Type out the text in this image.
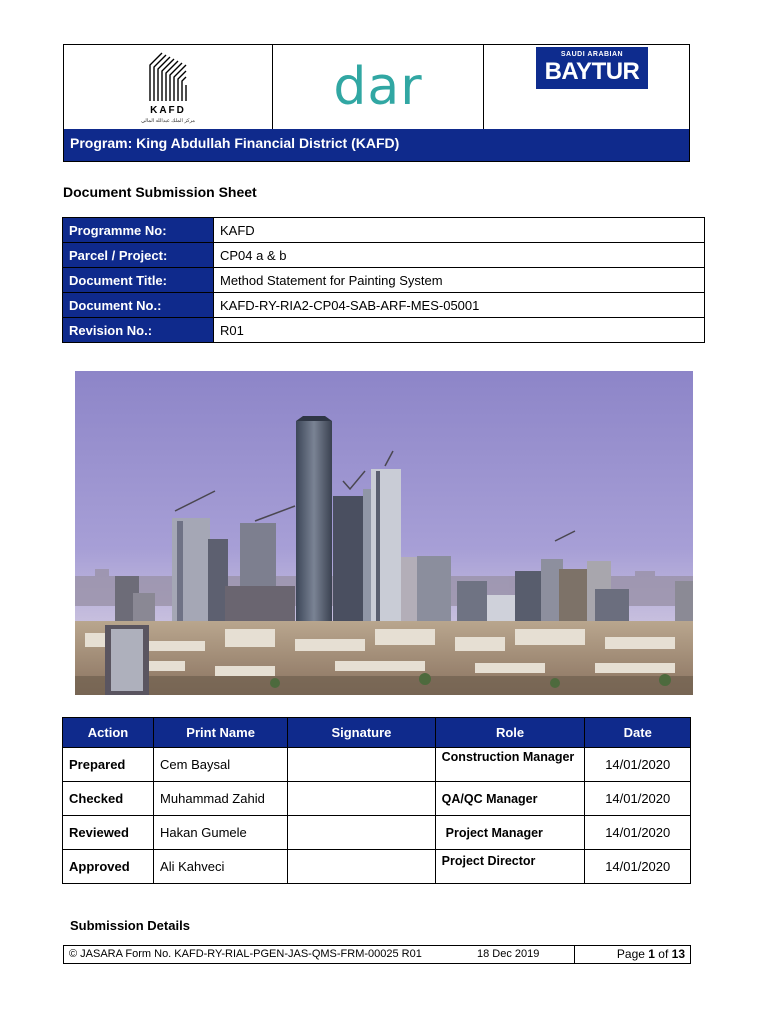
KAFD
مركز الملك عبدالله المالي
dar
SAUDI ARABIAN
BAYTUR
Program: King Abdullah Financial District (KAFD)
Document Submission Sheet
Programme No:	KAFD
Parcel / Project:	CP04 a & b
Document Title:	Method Statement for Painting System
Document No.:	KAFD-RY-RIA2-CP04-SAB-ARF-MES-05001
Revision No.:	R01
Action	Print Name	Signature	Role	Date
Prepared	Cem Baysal		Construction Manager	14/01/2020
Checked	Muhammad Zahid		QA/QC Manager	14/01/2020
Reviewed	Hakan Gumele		Project Manager	14/01/2020
Approved	Ali Kahveci		Project Director	14/01/2020
Submission Details
© JASARA Form No. KAFD-RY-RIAL-PGEN-JAS-QMS-FRM-00025 R01	18 Dec 2019	Page 1 of 13
